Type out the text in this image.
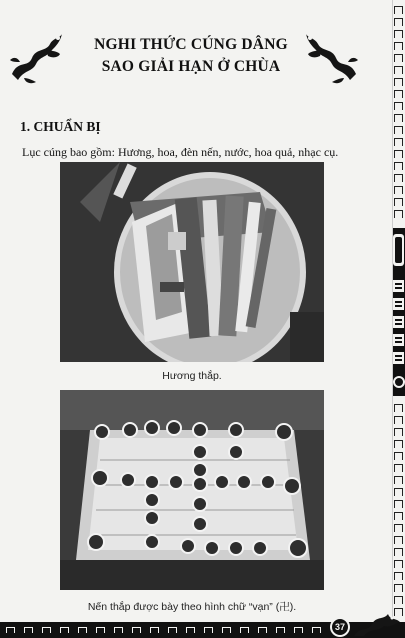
NGHI THỨC CÚNG DÂNG
SAO GIẢI HẠN Ở CHÙA
1. CHUẨN BỊ
Lục cúng bao gồm: Hương, hoa, đèn nến, nước, hoa quả, nhạc cụ.
Hương thắp.
Nến thắp được bày theo hình chữ “vạn” (卍).
37
